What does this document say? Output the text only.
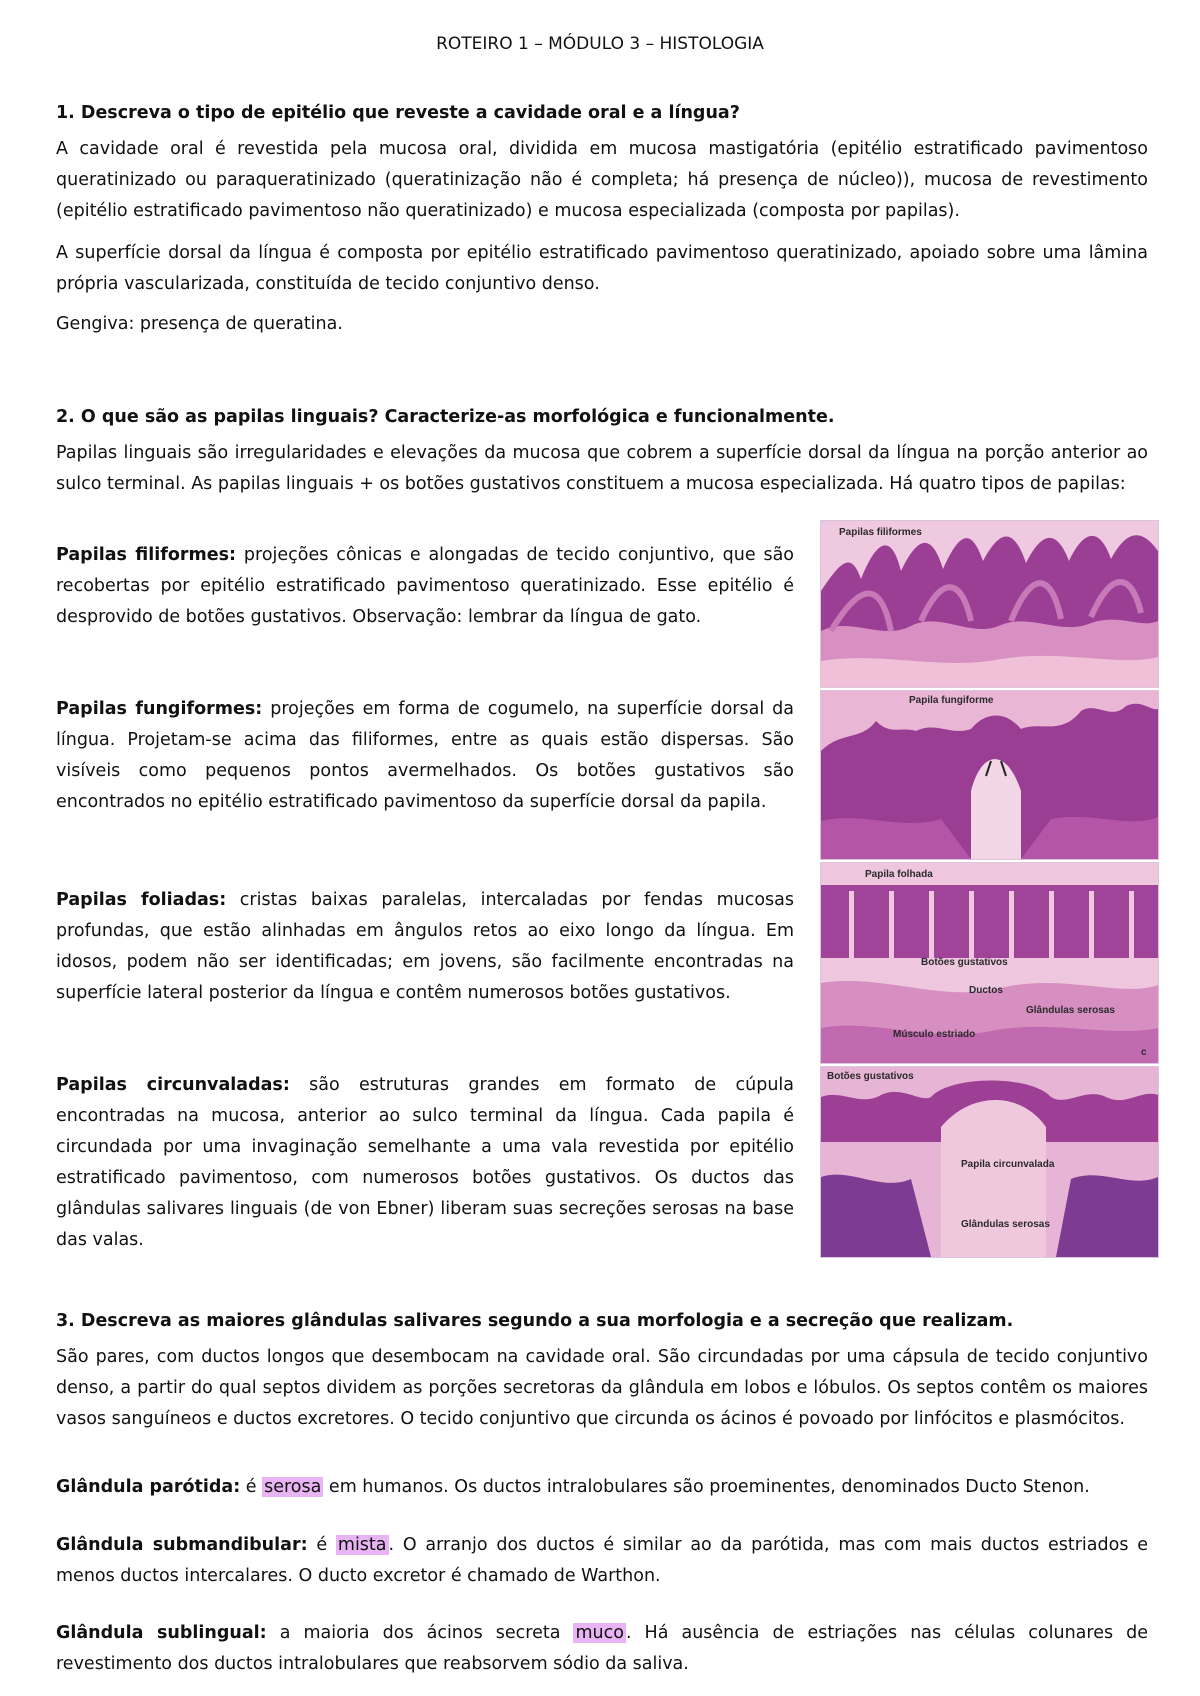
ROTEIRO 1 – MÓDULO 3 – HISTOLOGIA
1. Descreva o tipo de epitélio que reveste a cavidade oral e a língua?
A cavidade oral é revestida pela mucosa oral, dividida em mucosa mastigatória (epitélio estratificado pavimentoso queratinizado ou paraqueratinizado (queratinização não é completa; há presença de núcleo)), mucosa de revestimento (epitélio estratificado pavimentoso não queratinizado) e mucosa especializada (composta por papilas).
A superfície dorsal da língua é composta por epitélio estratificado pavimentoso queratinizado, apoiado sobre uma lâmina própria vascularizada, constituída de tecido conjuntivo denso.
Gengiva: presença de queratina.
2. O que são as papilas linguais? Caracterize-as morfológica e funcionalmente.
Papilas linguais são irregularidades e elevações da mucosa que cobrem a superfície dorsal da língua na porção anterior ao sulco terminal. As papilas linguais + os botões gustativos constituem a mucosa especializada. Há quatro tipos de papilas:
Papilas filiformes: projeções cônicas e alongadas de tecido conjuntivo, que são recobertas por epitélio estratificado pavimentoso queratinizado. Esse epitélio é desprovido de botões gustativos. Observação: lembrar da língua de gato.
Papilas fungiformes: projeções em forma de cogumelo, na superfície dorsal da língua. Projetam-se acima das filiformes, entre as quais estão dispersas. São visíveis como pequenos pontos avermelhados. Os botões gustativos são encontrados no epitélio estratificado pavimentoso da superfície dorsal da papila.
Papilas foliadas: cristas baixas paralelas, intercaladas por fendas mucosas profundas, que estão alinhadas em ângulos retos ao eixo longo da língua. Em idosos, podem não ser identificadas; em jovens, são facilmente encontradas na superfície lateral posterior da língua e contêm numerosos botões gustativos.
Papilas circunvaladas: são estruturas grandes em formato de cúpula encontradas na mucosa, anterior ao sulco terminal da língua. Cada papila é circundada por uma invaginação semelhante a uma vala revestida por epitélio estratificado pavimentoso, com numerosos botões gustativos. Os ductos das glândulas salivares linguais (de von Ebner) liberam suas secreções serosas na base das valas.
Papilas filiformes
Papila fungiforme
Papila folhada
Botões gustativos
Ductos
Glândulas serosas
Músculo estriado
c
Botões gustativos
Papila circunvalada
Glândulas serosas
3. Descreva as maiores glândulas salivares segundo a sua morfologia e a secreção que realizam.
São pares, com ductos longos que desembocam na cavidade oral. São circundadas por uma cápsula de tecido conjuntivo denso, a partir do qual septos dividem as porções secretoras da glândula em lobos e lóbulos. Os septos contêm os maiores vasos sanguíneos e ductos excretores. O tecido conjuntivo que circunda os ácinos é povoado por linfócitos e plasmócitos.
Glândula parótida: é serosa em humanos. Os ductos intralobulares são proeminentes, denominados Ducto Stenon.
Glândula submandibular: é mista . O arranjo dos ductos é similar ao da parótida, mas com mais ductos estriados e menos ductos intercalares. O ducto excretor é chamado de Warthon.
Glândula sublingual: a maioria dos ácinos secreta muco . Há ausência de estriações nas células colunares de revestimento dos ductos intralobulares que reabsorvem sódio da saliva.
